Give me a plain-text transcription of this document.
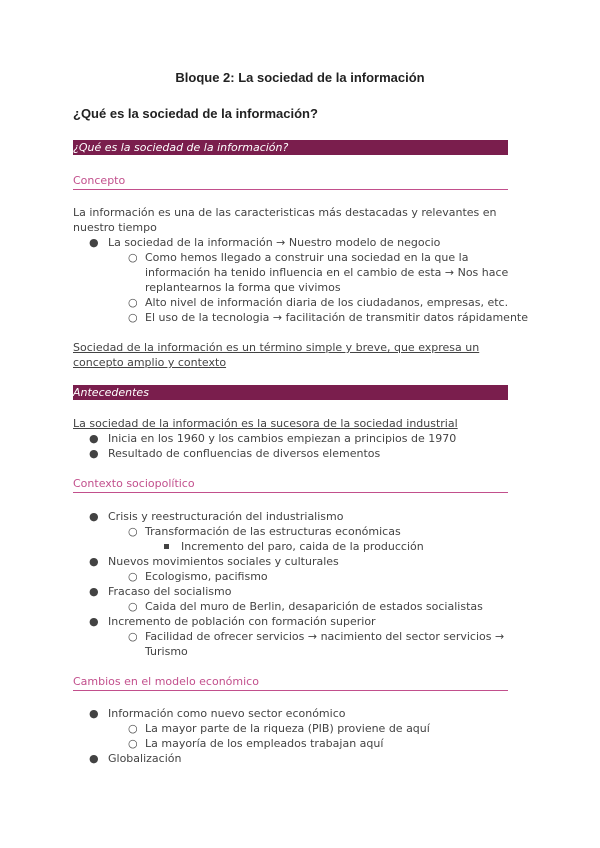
Bloque 2: La sociedad de la información
¿Qué es la sociedad de la información?
¿Qué es la sociedad de la información?
Concepto
La información es una de las caracteristicas más destacadas y relevantes en
nuestro tiempo
● La sociedad de la información → Nuestro modelo de negocio
○ Como hemos llegado a construir una sociedad en la que la
información ha tenido influencia en el cambio de esta → Nos hace
replantearnos la forma que vivimos
○ Alto nivel de información diaria de los ciudadanos, empresas, etc.
○ El uso de la tecnologia → facilitación de transmitir datos rápidamente
Sociedad de la información es un término simple y breve, que expresa un
concepto amplio y contexto
Antecedentes
La sociedad de la información es la sucesora de la sociedad industrial
● Inicia en los 1960 y los cambios empiezan a principios de 1970
● Resultado de confluencias de diversos elementos
Contexto sociopolítico
● Crisis y reestructuración del industrialismo
○ Transformación de las estructuras económicas
Incremento del paro, caida de la producción
● Nuevos movimientos sociales y culturales
○ Ecologismo, pacifismo
● Fracaso del socialismo
○ Caida del muro de Berlin, desaparición de estados socialistas
● Incremento de población con formación superior
○ Facilidad de ofrecer servicios → nacimiento del sector servicios →
Turismo
Cambios en el modelo económico
● Información como nuevo sector económico
○ La mayor parte de la riqueza (PIB) proviene de aquí
○ La mayoría de los empleados trabajan aquí
● Globalización
